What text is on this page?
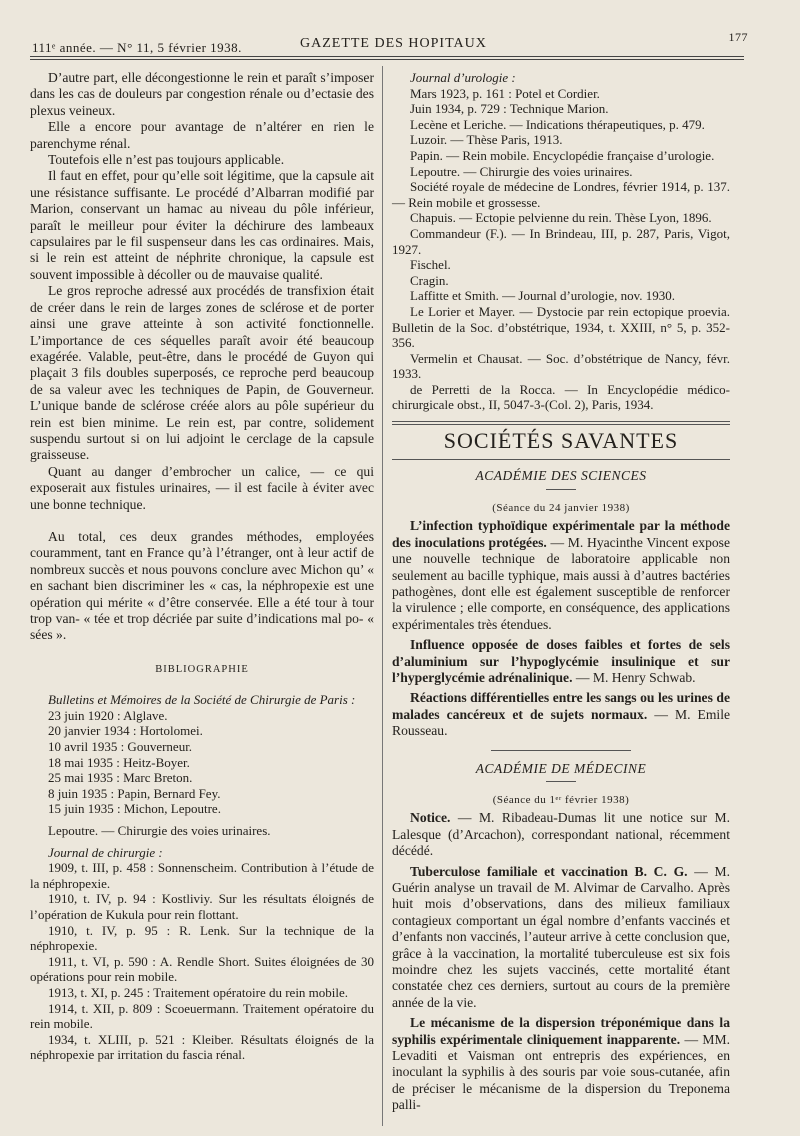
111ᵉ année. — N° 11, 5 février 1938.	GAZETTE DES HOPITAUX	177

D’autre part, elle décongestionne le rein et paraît s’imposer dans les cas de douleurs par congestion rénale ou d’ectasie des plexus veineux.

Elle a encore pour avantage de n’altérer en rien le parenchyme rénal.

Toutefois elle n’est pas toujours applicable.

Il faut en effet, pour qu’elle soit légitime, que la capsule ait une résistance suffisante. Le procédé d’Albarran modifié par Marion, conservant un hamac au niveau du pôle inférieur, paraît le meilleur pour éviter la déchirure des lambeaux capsulaires par le fil suspenseur dans les cas ordinaires. Mais, si le rein est atteint de néphrite chronique, la capsule est souvent impossible à décoller ou de mauvaise qualité.

Le gros reproche adressé aux procédés de transfixion était de créer dans le rein de larges zones de sclérose et de porter ainsi une grave atteinte à son activité fonctionnelle. L’importance de ces séquelles paraît avoir été beaucoup exagérée. Valable, peut-être, dans le procédé de Guyon qui plaçait 3 fils doubles superposés, ce reproche perd beaucoup de sa valeur avec les techniques de Papin, de Gouverneur. L’unique bande de sclérose créée alors au pôle supérieur du rein est bien minime. Le rein est, par contre, solidement suspendu surtout si on lui adjoint le cerclage de la capsule graisseuse.

Quant au danger d’embrocher un calice, — ce qui exposerait aux fistules urinaires, — il est facile à éviter avec une bonne technique.

Au total, ces deux grandes méthodes, employées couramment, tant en France qu’à l’étranger, ont à leur actif de nombreux succès et nous pouvons conclure avec Michon qu’ « en sachant bien discriminer les « cas, la néphropexie est une opération qui mérite « d’être conservée. Elle a été tour à tour trop van- « tée et trop décriée par suite d’indications mal po- « sées ».

BIBLIOGRAPHIE

Bulletins et Mémoires de la Société de Chirurgie de Paris :

23 juin 1920 : Alglave.
20 janvier 1934 : Hortolomei.
10 avril 1935 : Gouverneur.
18 mai 1935 : Heitz-Boyer.
25 mai 1935 : Marc Breton.
8 juin 1935 : Papin, Bernard Fey.
15 juin 1935 : Michon, Lepoutre.

Lepoutre. — Chirurgie des voies urinaires.

Journal de chirurgie :

1909, t. III, p. 458 : Sonnenscheim. Contribution à l’étude de la néphropexie.

1910, t. IV, p. 94 : Kostliviy. Sur les résultats éloignés de l’opération de Kukula pour rein flottant.

1910, t. IV, p. 95 : R. Lenk. Sur la technique de la néphropexie.

1911, t. VI, p. 590 : A. Rendle Short. Suites éloignées de 30 opérations pour rein mobile.

1913, t. XI, p. 245 : Traitement opératoire du rein mobile.

1914, t. XII, p. 809 : Scoeuermann. Traitement opératoire du rein mobile.

1934, t. XLIII, p. 521 : Kleiber. Résultats éloignés de la néphropexie par irritation du fascia rénal.

Journal d’urologie :

Mars 1923, p. 161 : Potel et Cordier.
Juin 1934, p. 729 : Technique Marion.

Lecène et Leriche. — Indications thérapeutiques, p. 479.

Luzoir. — Thèse Paris, 1913.

Papin. — Rein mobile. Encyclopédie française d’urologie.

Lepoutre. — Chirurgie des voies urinaires.

Société royale de médecine de Londres, février 1914, p. 137. — Rein mobile et grossesse.

Chapuis. — Ectopie pelvienne du rein. Thèse Lyon, 1896.

Commandeur (F.). — In Brindeau, III, p. 287, Paris, Vigot, 1927.

Fischel.

Cragin.

Laffitte et Smith. — Journal d’urologie, nov. 1930.

Le Lorier et Mayer. — Dystocie par rein ectopique proevia. Bulletin de la Soc. d’obstétrique, 1934, t. XXIII, n° 5, p. 352-356.

Vermelin et Chausat. — Soc. d’obstétrique de Nancy, févr. 1933.

de Perretti de la Rocca. — In Encyclopédie médico-chirurgicale obst., II, 5047-3-(Col. 2), Paris, 1934.

SOCIÉTÉS SAVANTES
ACADÉMIE DES SCIENCES
(Séance du 24 janvier 1938)

L’infection typhoïdique expérimentale par la méthode des inoculations protégées. — M. Hyacinthe Vincent expose une nouvelle technique de laboratoire applicable non seulement au bacille typhique, mais aussi à d’autres bactéries pathogènes, dont elle est également susceptible de renforcer la virulence ; elle comporte, en conséquence, des applications expérimentales très étendues.

Influence opposée de doses faibles et fortes de sels d’aluminium sur l’hypoglycémie insulinique et sur l’hyperglycémie adrénalinique. — M. Henry Schwab.

Réactions différentielles entre les sangs ou les urines de malades cancéreux et de sujets normaux. — M. Emile Rousseau.

ACADÉMIE DE MÉDECINE
(Séance du 1ᵉʳ février 1938)

Notice. — M. Ribadeau-Dumas lit une notice sur M. Lalesque (d’Arcachon), correspondant national, récemment décédé.

Tuberculose familiale et vaccination B. C. G. — M. Guérin analyse un travail de M. Alvimar de Carvalho. Après huit mois d’observations, dans des milieux familiaux contagieux comportant un égal nombre d’enfants vaccinés et d’enfants non vaccinés, l’auteur arrive à cette conclusion que, grâce à la vaccination, la mortalité tuberculeuse est six fois moindre chez les sujets vaccinés, cette mortalité étant constatée chez ces derniers, surtout au cours de la première année de la vie.

Le mécanisme de la dispersion tréponémique dans la syphilis expérimentale cliniquement inapparente. — MM. Levaditi et Vaisman ont entrepris des expériences, en inoculant la syphilis à des souris par voie sous-cutanée, afin de préciser le mécanisme de la dispersion du Treponema palli-
